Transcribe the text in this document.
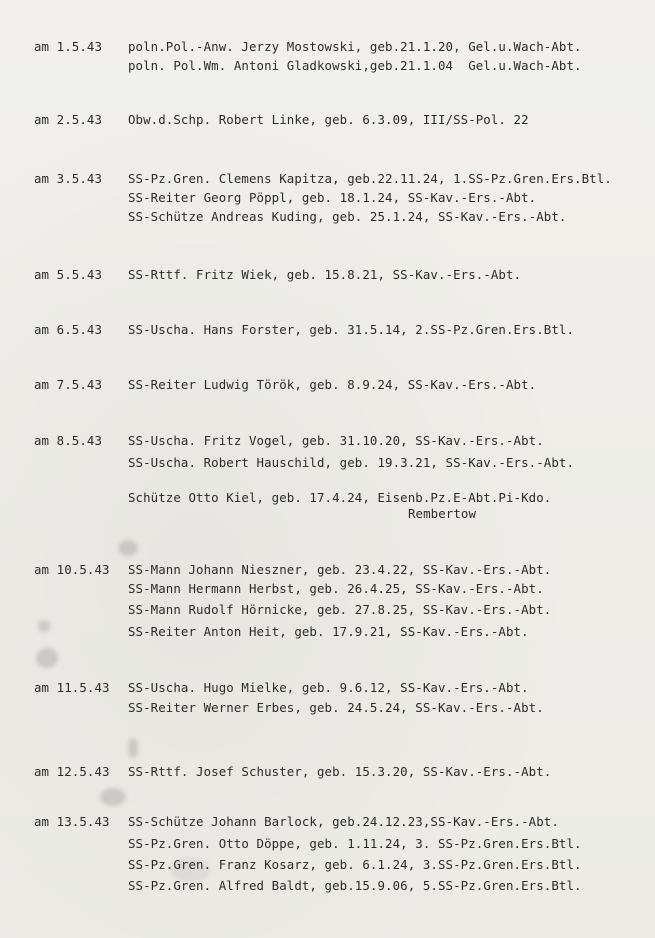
am 1.5.43 poln.Pol.-Anw. Jerzy Mostowski, geb.21.1.20, Gel.u.Wach-Abt.
poln. Pol.Wm. Antoni Gladkowski,geb.21.1.04  Gel.u.Wach-Abt.
am 2.5.43 Obw.d.Schp. Robert Linke, geb. 6.3.09, III/SS-Pol. 22
am 3.5.43 SS-Pz.Gren. Clemens Kapitza, geb.22.11.24, 1.SS-Pz.Gren.Ers.Btl.
SS-Reiter Georg Pöppl, geb. 18.1.24, SS-Kav.-Ers.-Abt.
SS-Schütze Andreas Kuding, geb. 25.1.24, SS-Kav.-Ers.-Abt.
am 5.5.43 SS-Rttf. Fritz Wiek, geb. 15.8.21, SS-Kav.-Ers.-Abt.
am 6.5.43 SS-Uscha. Hans Forster, geb. 31.5.14, 2.SS-Pz.Gren.Ers.Btl.
am 7.5.43 SS-Reiter Ludwig Török, geb. 8.9.24, SS-Kav.-Ers.-Abt.
am 8.5.43 SS-Uscha. Fritz Vogel, geb. 31.10.20, SS-Kav.-Ers.-Abt.
SS-Uscha. Robert Hauschild, geb. 19.3.21, SS-Kav.-Ers.-Abt.
Schütze Otto Kiel, geb. 17.4.24, Eisenb.Pz.E-Abt.Pi-Kdo.
Rembertow
am 10.5.43 SS-Mann Johann Nieszner, geb. 23.4.22, SS-Kav.-Ers.-Abt.
SS-Mann Hermann Herbst, geb. 26.4.25, SS-Kav.-Ers.-Abt.
SS-Mann Rudolf Hörnicke, geb. 27.8.25, SS-Kav.-Ers.-Abt.
SS-Reiter Anton Heit, geb. 17.9.21, SS-Kav.-Ers.-Abt.
am 11.5.43 SS-Uscha. Hugo Mielke, geb. 9.6.12, SS-Kav.-Ers.-Abt.
SS-Reiter Werner Erbes, geb. 24.5.24, SS-Kav.-Ers.-Abt.
am 12.5.43 SS-Rttf. Josef Schuster, geb. 15.3.20, SS-Kav.-Ers.-Abt.
am 13.5.43 SS-Schütze Johann Barlock, geb.24.12.23,SS-Kav.-Ers.-Abt.
SS-Pz.Gren. Otto Döppe, geb. 1.11.24, 3. SS-Pz.Gren.Ers.Btl.
SS-Pz.Gren. Franz Kosarz, geb. 6.1.24, 3.SS-Pz.Gren.Ers.Btl.
SS-Pz.Gren. Alfred Baldt, geb.15.9.06, 5.SS-Pz.Gren.Ers.Btl.
